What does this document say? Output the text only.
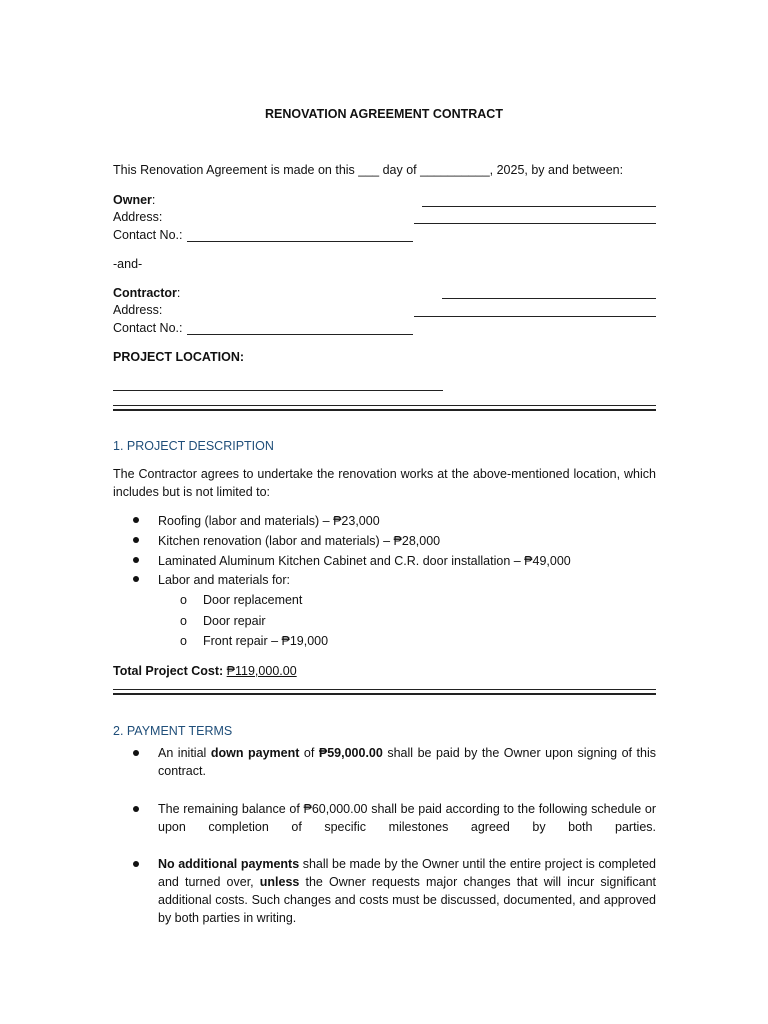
RENOVATION AGREEMENT CONTRACT
This Renovation Agreement is made on this ___ day of __________, 2025, by and between:
Owner:
Address:
Contact No.:
-and-
Contractor:
Address:
Contact No.:
PROJECT LOCATION:
1. PROJECT DESCRIPTION
The Contractor agrees to undertake the renovation works at the above-mentioned location, which includes but is not limited to:
Roofing (labor and materials) – ₱23,000
Kitchen renovation (labor and materials) – ₱28,000
Laminated Aluminum Kitchen Cabinet and C.R. door installation – ₱49,000
Labor and materials for:
o Door replacement
o Door repair
o Front repair – ₱19,000
Total Project Cost: ₱119,000.00
2. PAYMENT TERMS
An initial down payment of ₱59,000.00 shall be paid by the Owner upon signing of this contract.
The remaining balance of ₱60,000.00 shall be paid according to the following schedule or upon completion of specific milestones agreed by both parties.
No additional payments shall be made by the Owner until the entire project is completed and turned over, unless the Owner requests major changes that will incur significant additional costs. Such changes and costs must be discussed, documented, and approved by both parties in writing.
